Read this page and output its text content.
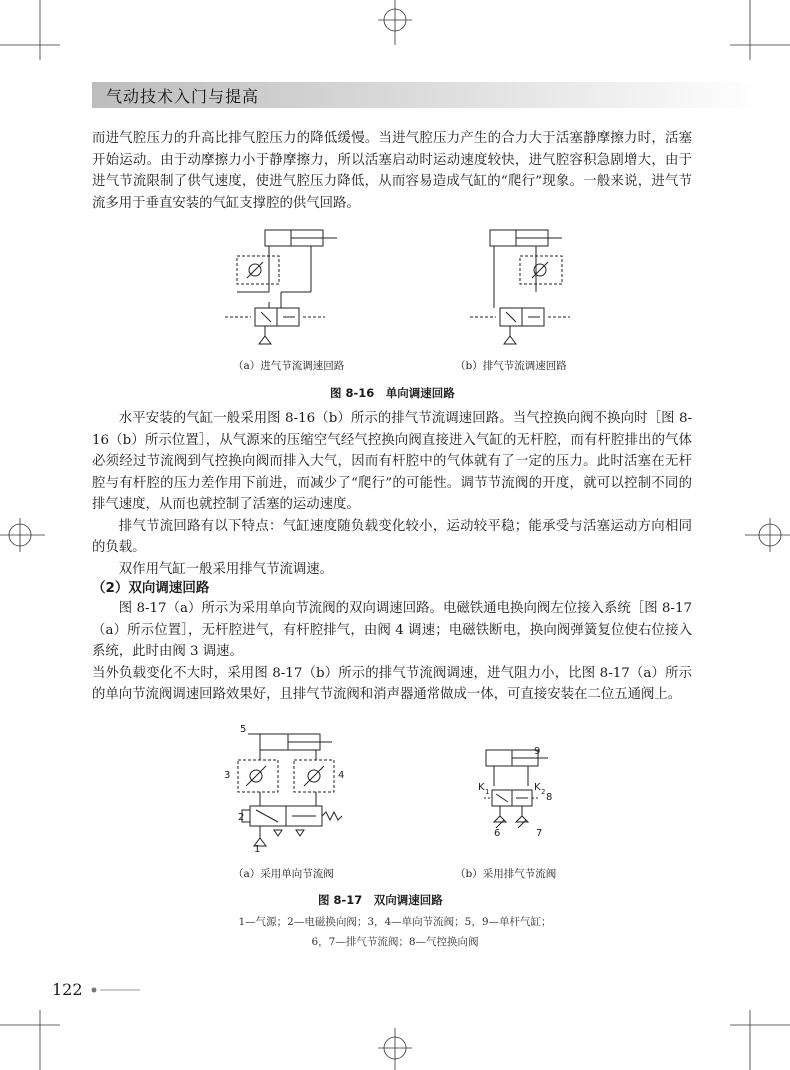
气动技术入门与提高

而进气腔压力的升高比排气腔压力的降低缓慢。当进气腔压力产生的合力大于活塞静摩擦力时，活塞开始运动。由于动摩擦力小于静摩擦力，所以活塞启动时运动速度较快，进气腔容积急剧增大，由于进气节流限制了供气速度，使进气腔压力降低，从而容易造成气缸的“爬行”现象。一般来说，进气节流多用于垂直安装的气缸支撑腔的供气回路。

（a）进气节流调速回路	（b）排气节流调速回路
图 8-16　单向调速回路

水平安装的气缸一般采用图 8-16（b）所示的排气节流调速回路。当气控换向阀不换向时［图 8-16（b）所示位置］，从气源来的压缩空气经气控换向阀直接进入气缸的无杆腔，而有杆腔排出的气体必须经过节流阀到气控换向阀而排入大气，因而有杆腔中的气体就有了一定的压力。此时活塞在无杆腔与有杆腔的压力差作用下前进，而减少了“爬行”的可能性。调节节流阀的开度，就可以控制不同的排气速度，从而也就控制了活塞的运动速度。

排气节流回路有以下特点：气缸速度随负载变化较小，运动较平稳；能承受与活塞运动方向相同的负载。

双作用气缸一般采用排气节流调速。

（2）双向调速回路

图 8-17（a）所示为采用单向节流阀的双向调速回路。电磁铁通电换向阀左位接入系统［图 8-17（a）所示位置］，无杆腔进气，有杆腔排气，由阀 4 调速；电磁铁断电，换向阀弹簧复位使右位接入系统，此时由阀 3 调速。

当外负载变化不大时，采用图 8-17（b）所示的排气节流阀调速，进气阻力小，比图 8-17（a）所示的单向节流阀调速回路效果好，且排气节流阀和消声器通常做成一体，可直接安装在二位五通阀上。

5
3	4
2
1
（a）采用单向节流阀
9
K 1	K 2 8
6	7
（b）采用排气节流阀
图 8-17　双向调速回路
1—气源；2—电磁换向阀；3，4—单向节流阀；5，9—单杆气缸；
6，7—排气节流阀；8—气控换向阀
122
